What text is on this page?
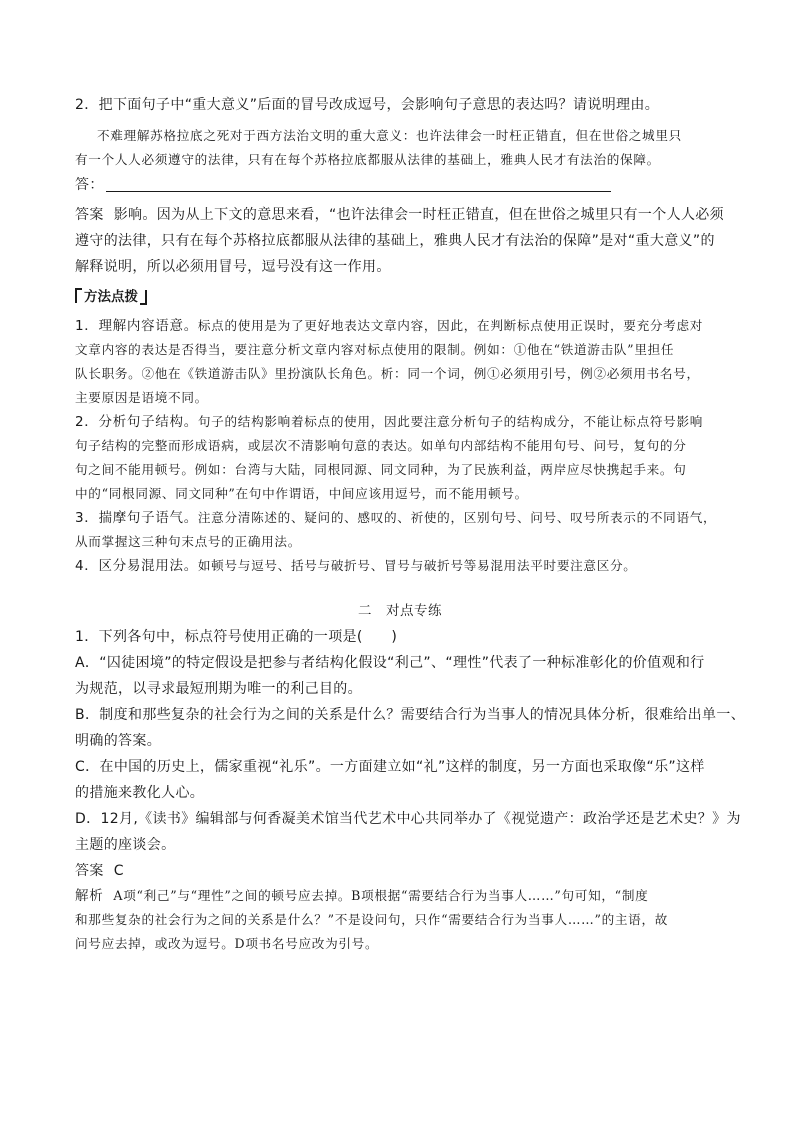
2．把下面句子中“重大意义”后面的冒号改成逗号，会影响句子意思的表达吗？请说明理由。

不难理解苏格拉底之死对于西方法治文明的重大意义：也许法律会一时枉正错直，但在世俗之城里只

有一个人人必须遵守的法律，只有在每个苏格拉底都服从法律的基础上，雅典人民才有法治的保障。

答：

答案 影响。因为从上下文的意思来看，“也许法律会一时枉正错直，但在世俗之城里只有一个人人必须

遵守的法律，只有在每个苏格拉底都服从法律的基础上，雅典人民才有法治的保障”是对“重大意义”的

解释说明，所以必须用冒号，逗号没有这一作用。

方法点拨

1．理解内容语意。标点的使用是为了更好地表达文章内容，因此，在判断标点使用正误时，要充分考虑对

文章内容的表达是否得当，要注意分析文章内容对标点使用的限制。例如：①他在“铁道游击队”里担任

队长职务。②他在《铁道游击队》里扮演队长角色。析：同一个词，例①必须用引号，例②必须用书名号，

主要原因是语境不同。

2．分析句子结构。句子的结构影响着标点的使用，因此要注意分析句子的结构成分，不能让标点符号影响

句子结构的完整而形成语病，或层次不清影响句意的表达。如单句内部结构不能用句号、问号，复句的分

句之间不能用顿号。例如：台湾与大陆，同根同源、同文同种，为了民族利益，两岸应尽快携起手来。句

中的“同根同源、同文同种”在句中作谓语，中间应该用逗号，而不能用顿号。

3．揣摩句子语气。注意分清陈述的、疑问的、感叹的、祈使的，区别句号、问号、叹号所表示的不同语气，

从而掌握这三种句末点号的正确用法。

4．区分易混用法。如顿号与逗号、括号与破折号、冒号与破折号等易混用法平时要注意区分。

二　对点专练

1．下列各句中，标点符号使用正确的一项是(　　)

A．“囚徒困境”的特定假设是把参与者结构化假设“利己”、“理性”代表了一种标准彰化的价值观和行

为规范，以寻求最短刑期为唯一的利己目的。

B．制度和那些复杂的社会行为之间的关系是什么？需要结合行为当事人的情况具体分析，很难给出单一、

明确的答案。

C．在中国的历史上，儒家重视“礼乐”。一方面建立如“礼”这样的制度，另一方面也采取像“乐”这样

的措施来教化人心。

D．12月,《读书》编辑部与何香凝美术馆当代艺术中心共同举办了《视觉遗产：政治学还是艺术史？》为

主题的座谈会。

答案 C

解析 A项“利己”与“理性”之间的顿号应去掉。B项根据“需要结合行为当事人……”句可知，“制度

和那些复杂的社会行为之间的关系是什么？”不是设问句，只作“需要结合行为当事人……”的主语，故

问号应去掉，或改为逗号。D项书名号应改为引号。
